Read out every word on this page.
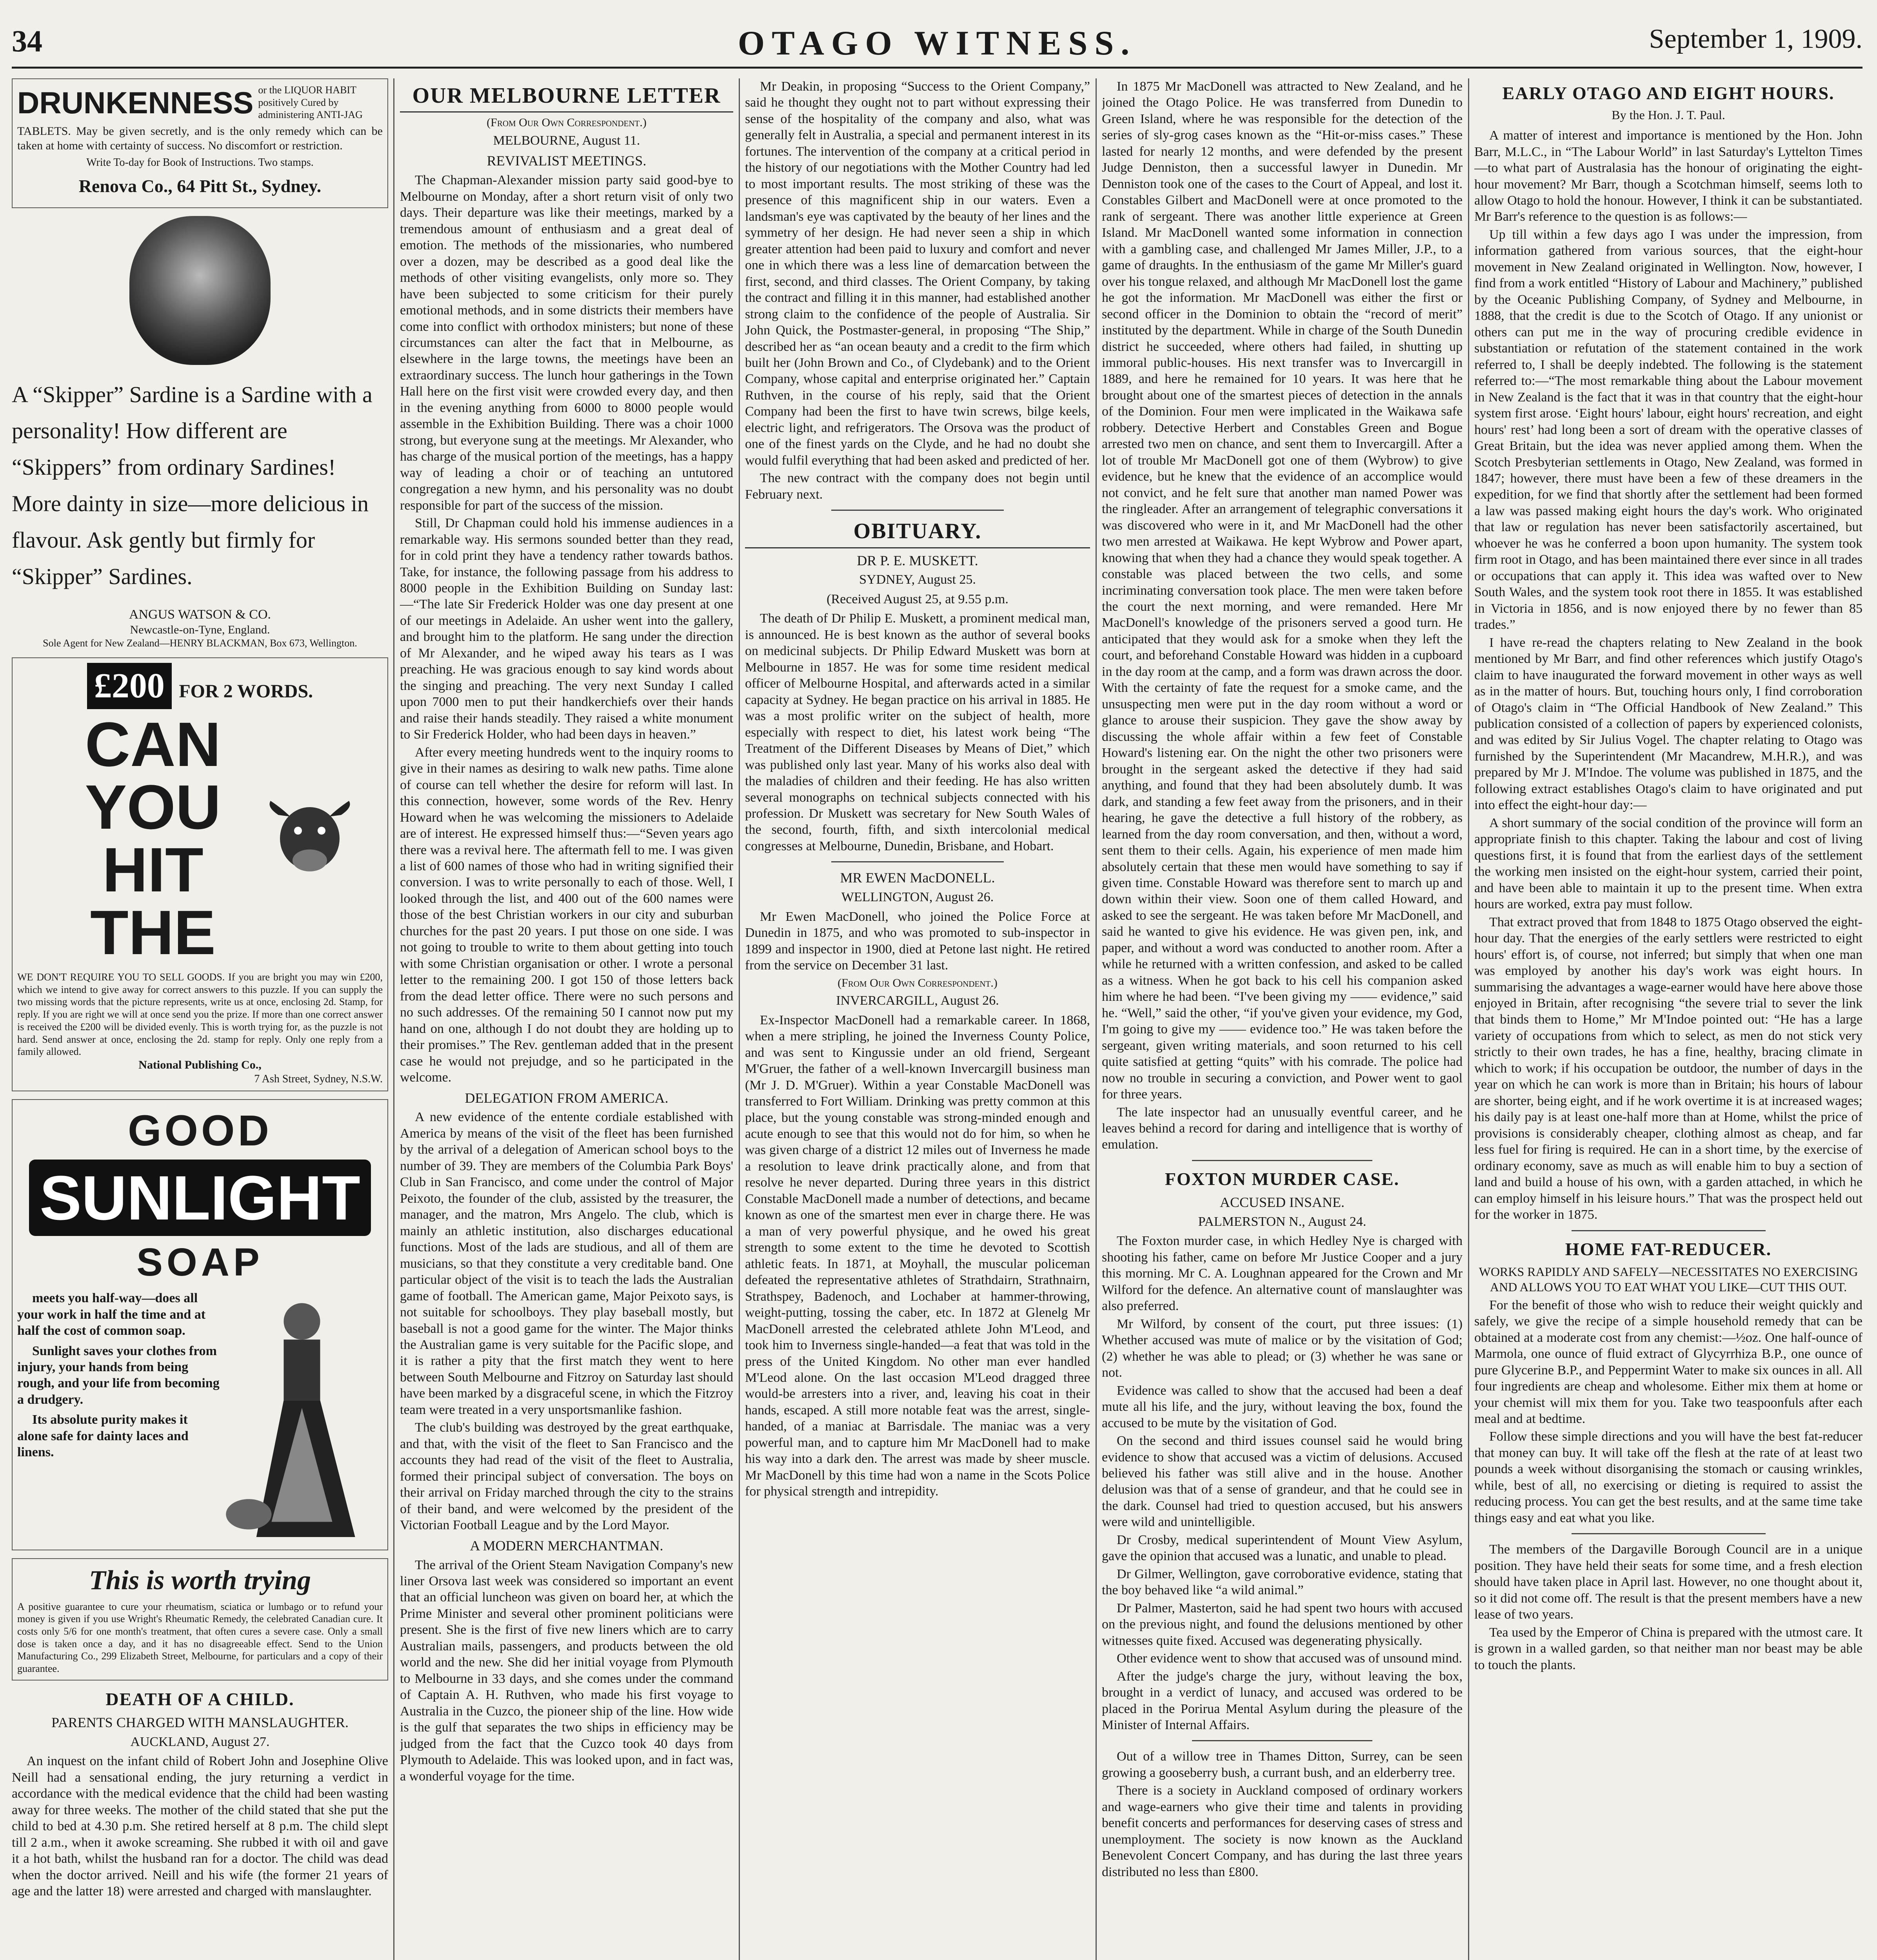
34	OTAGO WITNESS.	September 1, 1909.
DRUNKENNESS or the LIQUOR HABIT positively Cured by administering ANTI-JAG
TABLETS. May be given secretly, and is the only remedy which can be taken at home with certainty of success. No discomfort or restriction.
Write To-day for Book of Instructions. Two stamps.
Renova Co., 64 Pitt St., Sydney.
A “Skipper” Sardine is a Sardine with a personality! How different are “Skippers” from ordinary Sardines! More dainty in size—more delicious in flavour. Ask gently but firmly for “Skipper” Sardines.
ANGUS WATSON & CO.
Newcastle-on-Tyne, England.
Sole Agent for New Zealand—HENRY BLACKMAN, Box 673, Wellington.
£200 FOR 2 WORDS.
CAN YOU HIT THE
WE DON'T REQUIRE YOU TO SELL GOODS. If you are bright you may win £200, which we intend to give away for correct answers to this puzzle. If you can supply the two missing words that the picture represents, write us at once, enclosing 2d. Stamp, for reply. If you are right we will at once send you the prize. If more than one correct answer is received the £200 will be divided evenly. This is worth trying for, as the puzzle is not hard. Send answer at once, enclosing the 2d. stamp for reply. Only one reply from a family allowed.
National Publishing Co.,
7 Ash Street, Sydney, N.S.W.
GOOD
SUNLIGHT
SOAP

meets you half-way—does all your work in half the time and at half the cost of common soap.

Sunlight saves your clothes from injury, your hands from being rough, and your life from becoming a drudgery.

Its absolute purity makes it alone safe for dainty laces and linens.

This is worth trying
A positive guarantee to cure your rheumatism, sciatica or lumbago or to refund your money is given if you use Wright's Rheumatic Remedy, the celebrated Canadian cure. It costs only 5/6 for one month's treatment, that often cures a severe case. Only a small dose is taken once a day, and it has no disagreeable effect. Send to the Union Manufacturing Co., 299 Elizabeth Street, Melbourne, for particulars and a copy of their guarantee.
DEATH OF A CHILD.
PARENTS CHARGED WITH MANSLAUGHTER.
AUCKLAND, August 27.

An inquest on the infant child of Robert John and Josephine Olive Neill had a sensational ending, the jury returning a verdict in accordance with the medical evidence that the child had been wasting away for three weeks. The mother of the child stated that she put the child to bed at 4.30 p.m. She retired herself at 8 p.m. The child slept till 2 a.m., when it awoke screaming. She rubbed it with oil and gave it a hot bath, whilst the husband ran for a doctor. The child was dead when the doctor arrived. Neill and his wife (the former 21 years of age and the latter 18) were arrested and charged with manslaughter.

OUR MELBOURNE LETTER
(From Our Own Correspondent.)
MELBOURNE, August 11.
REVIVALIST MEETINGS.

The Chapman-Alexander mission party said good-bye to Melbourne on Monday, after a short return visit of only two days. Their departure was like their meetings, marked by a tremendous amount of enthusiasm and a great deal of emotion. The methods of the missionaries, who numbered over a dozen, may be described as a good deal like the methods of other visiting evangelists, only more so. They have been subjected to some criticism for their purely emotional methods, and in some districts their members have come into conflict with orthodox ministers; but none of these circumstances can alter the fact that in Melbourne, as elsewhere in the large towns, the meetings have been an extraordinary success. The lunch hour gatherings in the Town Hall here on the first visit were crowded every day, and then in the evening anything from 6000 to 8000 people would assemble in the Exhibition Building. There was a choir 1000 strong, but everyone sung at the meetings. Mr Alexander, who has charge of the musical portion of the meetings, has a happy way of leading a choir or of teaching an untutored congregation a new hymn, and his personality was no doubt responsible for part of the success of the mission.

Still, Dr Chapman could hold his immense audiences in a remarkable way. His sermons sounded better than they read, for in cold print they have a tendency rather towards bathos. Take, for instance, the following passage from his address to 8000 people in the Exhibition Building on Sunday last:—“The late Sir Frederick Holder was one day present at one of our meetings in Adelaide. An usher went into the gallery, and brought him to the platform. He sang under the direction of Mr Alexander, and he wiped away his tears as I was preaching. He was gracious enough to say kind words about the singing and preaching. The very next Sunday I called upon 7000 men to put their handkerchiefs over their hands and raise their hands steadily. They raised a white monument to Sir Frederick Holder, who had been days in heaven.”

After every meeting hundreds went to the inquiry rooms to give in their names as desiring to walk new paths. Time alone of course can tell whether the desire for reform will last. In this connection, however, some words of the Rev. Henry Howard when he was welcoming the missioners to Adelaide are of interest. He expressed himself thus:—“Seven years ago there was a revival here. The aftermath fell to me. I was given a list of 600 names of those who had in writing signified their conversion. I was to write personally to each of those. Well, I looked through the list, and 400 out of the 600 names were those of the best Christian workers in our city and suburban churches for the past 20 years. I put those on one side. I was not going to trouble to write to them about getting into touch with some Christian organisation or other. I wrote a personal letter to the remaining 200. I got 150 of those letters back from the dead letter office. There were no such persons and no such addresses. Of the remaining 50 I cannot now put my hand on one, although I do not doubt they are holding up to their promises.” The Rev. gentleman added that in the present case he would not prejudge, and so he participated in the welcome.

DELEGATION FROM AMERICA.

A new evidence of the entente cordiale established with America by means of the visit of the fleet has been furnished by the arrival of a delegation of American school boys to the number of 39. They are members of the Columbia Park Boys' Club in San Francisco, and come under the control of Major Peixoto, the founder of the club, assisted by the treasurer, the manager, and the matron, Mrs Angelo. The club, which is mainly an athletic institution, also discharges educational functions. Most of the lads are studious, and all of them are musicians, so that they constitute a very creditable band. One particular object of the visit is to teach the lads the Australian game of football. The American game, Major Peixoto says, is not suitable for schoolboys. They play baseball mostly, but baseball is not a good game for the winter. The Major thinks the Australian game is very suitable for the Pacific slope, and it is rather a pity that the first match they went to here between South Melbourne and Fitzroy on Saturday last should have been marked by a disgraceful scene, in which the Fitzroy team were treated in a very unsportsmanlike fashion.

The club's building was destroyed by the great earthquake, and that, with the visit of the fleet to San Francisco and the accounts they had read of the visit of the fleet to Australia, formed their principal subject of conversation. The boys on their arrival on Friday marched through the city to the strains of their band, and were welcomed by the president of the Victorian Football League and by the Lord Mayor.

A MODERN MERCHANTMAN.

The arrival of the Orient Steam Navigation Company's new liner Orsova last week was considered so important an event that an official luncheon was given on board her, at which the Prime Minister and several other prominent politicians were present. She is the first of five new liners which are to carry Australian mails, passengers, and products between the old world and the new. She did her initial voyage from Plymouth to Melbourne in 33 days, and she comes under the command of Captain A. H. Ruthven, who made his first voyage to Australia in the Cuzco, the pioneer ship of the line. How wide is the gulf that separates the two ships in efficiency may be judged from the fact that the Cuzco took 40 days from Plymouth to Adelaide. This was looked upon, and in fact was, a wonderful voyage for the time.

Mr Deakin, in proposing “Success to the Orient Company,” said he thought they ought not to part without expressing their sense of the hospitality of the company and also, what was generally felt in Australia, a special and permanent interest in its fortunes. The intervention of the company at a critical period in the history of our negotiations with the Mother Country had led to most important results. The most striking of these was the presence of this magnificent ship in our waters. Even a landsman's eye was captivated by the beauty of her lines and the symmetry of her design. He had never seen a ship in which greater attention had been paid to luxury and comfort and never one in which there was a less line of demarcation between the first, second, and third classes. The Orient Company, by taking the contract and filling it in this manner, had established another strong claim to the confidence of the people of Australia. Sir John Quick, the Postmaster-general, in proposing “The Ship,” described her as “an ocean beauty and a credit to the firm which built her (John Brown and Co., of Clydebank) and to the Orient Company, whose capital and enterprise originated her.” Captain Ruthven, in the course of his reply, said that the Orient Company had been the first to have twin screws, bilge keels, electric light, and refrigerators. The Orsova was the product of one of the finest yards on the Clyde, and he had no doubt she would fulfil everything that had been asked and predicted of her.

The new contract with the company does not begin until February next.

OBITUARY.
DR P. E. MUSKETT.
SYDNEY, August 25.
(Received August 25, at 9.55 p.m.

The death of Dr Philip E. Muskett, a prominent medical man, is announced. He is best known as the author of several books on medicinal subjects. Dr Philip Edward Muskett was born at Melbourne in 1857. He was for some time resident medical officer of Melbourne Hospital, and afterwards acted in a similar capacity at Sydney. He began practice on his arrival in 1885. He was a most prolific writer on the subject of health, more especially with respect to diet, his latest work being “The Treatment of the Different Diseases by Means of Diet,” which was published only last year. Many of his works also deal with the maladies of children and their feeding. He has also written several monographs on technical subjects connected with his profession. Dr Muskett was secretary for New South Wales of the second, fourth, fifth, and sixth intercolonial medical congresses at Melbourne, Dunedin, Brisbane, and Hobart.

MR EWEN MacDONELL.
WELLINGTON, August 26.

Mr Ewen MacDonell, who joined the Police Force at Dunedin in 1875, and who was promoted to sub-inspector in 1899 and inspector in 1900, died at Petone last night. He retired from the service on December 31 last.

(From Our Own Correspondent.)
INVERCARGILL, August 26.

Ex-Inspector MacDonell had a remarkable career. In 1868, when a mere stripling, he joined the Inverness County Police, and was sent to Kingussie under an old friend, Sergeant M'Gruer, the father of a well-known Invercargill business man (Mr J. D. M'Gruer). Within a year Constable MacDonell was transferred to Fort William. Drinking was pretty common at this place, but the young constable was strong-minded enough and acute enough to see that this would not do for him, so when he was given charge of a district 12 miles out of Inverness he made a resolution to leave drink practically alone, and from that resolve he never departed. During three years in this district Constable MacDonell made a number of detections, and became known as one of the smartest men ever in charge there. He was a man of very powerful physique, and he owed his great strength to some extent to the time he devoted to Scottish athletic feats. In 1871, at Moyhall, the muscular policeman defeated the representative athletes of Strathdairn, Strathnairn, Strathspey, Badenoch, and Lochaber at hammer-throwing, weight-putting, tossing the caber, etc. In 1872 at Glenelg Mr MacDonell arrested the celebrated athlete John M'Leod, and took him to Inverness single-handed—a feat that was told in the press of the United Kingdom. No other man ever handled M'Leod alone. On the last occasion M'Leod dragged three would-be arresters into a river, and, leaving his coat in their hands, escaped. A still more notable feat was the arrest, single-handed, of a maniac at Barrisdale. The maniac was a very powerful man, and to capture him Mr MacDonell had to make his way into a dark den. The arrest was made by sheer muscle. Mr MacDonell by this time had won a name in the Scots Police for physical strength and intrepidity.

In 1875 Mr MacDonell was attracted to New Zealand, and he joined the Otago Police. He was transferred from Dunedin to Green Island, where he was responsible for the detection of the series of sly-grog cases known as the “Hit-or-miss cases.” These lasted for nearly 12 months, and were defended by the present Judge Denniston, then a successful lawyer in Dunedin. Mr Denniston took one of the cases to the Court of Appeal, and lost it. Constables Gilbert and MacDonell were at once promoted to the rank of sergeant. There was another little experience at Green Island. Mr MacDonell wanted some information in connection with a gambling case, and challenged Mr James Miller, J.P., to a game of draughts. In the enthusiasm of the game Mr Miller's guard over his tongue relaxed, and although Mr MacDonell lost the game he got the information. Mr MacDonell was either the first or second officer in the Dominion to obtain the “record of merit” instituted by the department. While in charge of the South Dunedin district he succeeded, where others had failed, in shutting up immoral public-houses. His next transfer was to Invercargill in 1889, and here he remained for 10 years. It was here that he brought about one of the smartest pieces of detection in the annals of the Dominion. Four men were implicated in the Waikawa safe robbery. Detective Herbert and Constables Green and Bogue arrested two men on chance, and sent them to Invercargill. After a lot of trouble Mr MacDonell got one of them (Wybrow) to give evidence, but he knew that the evidence of an accomplice would not convict, and he felt sure that another man named Power was the ringleader. After an arrangement of telegraphic conversations it was discovered who were in it, and Mr MacDonell had the other two men arrested at Waikawa. He kept Wybrow and Power apart, knowing that when they had a chance they would speak together. A constable was placed between the two cells, and some incriminating conversation took place. The men were taken before the court the next morning, and were remanded. Here Mr MacDonell's knowledge of the prisoners served a good turn. He anticipated that they would ask for a smoke when they left the court, and beforehand Constable Howard was hidden in a cupboard in the day room at the camp, and a form was drawn across the door. With the certainty of fate the request for a smoke came, and the unsuspecting men were put in the day room without a word or glance to arouse their suspicion. They gave the show away by discussing the whole affair within a few feet of Constable Howard's listening ear. On the night the other two prisoners were brought in the sergeant asked the detective if they had said anything, and found that they had been absolutely dumb. It was dark, and standing a few feet away from the prisoners, and in their hearing, he gave the detective a full history of the robbery, as learned from the day room conversation, and then, without a word, sent them to their cells. Again, his experience of men made him absolutely certain that these men would have something to say if given time. Constable Howard was therefore sent to march up and down within their view. Soon one of them called Howard, and asked to see the sergeant. He was taken before Mr MacDonell, and said he wanted to give his evidence. He was given pen, ink, and paper, and without a word was conducted to another room. After a while he returned with a written confession, and asked to be called as a witness. When he got back to his cell his companion asked him where he had been. “I've been giving my —— evidence,” said he. “Well,” said the other, “if you've given your evidence, my God, I'm going to give my —— evidence too.” He was taken before the sergeant, given writing materials, and soon returned to his cell quite satisfied at getting “quits” with his comrade. The police had now no trouble in securing a conviction, and Power went to gaol for three years.

The late inspector had an unusually eventful career, and he leaves behind a record for daring and intelligence that is worthy of emulation.

FOXTON MURDER CASE.
ACCUSED INSANE.
PALMERSTON N., August 24.

The Foxton murder case, in which Hedley Nye is charged with shooting his father, came on before Mr Justice Cooper and a jury this morning. Mr C. A. Loughnan appeared for the Crown and Mr Wilford for the defence. An alternative count of manslaughter was also preferred.

Mr Wilford, by consent of the court, put three issues: (1) Whether accused was mute of malice or by the visitation of God; (2) whether he was able to plead; or (3) whether he was sane or not.

Evidence was called to show that the accused had been a deaf mute all his life, and the jury, without leaving the box, found the accused to be mute by the visitation of God.

On the second and third issues counsel said he would bring evidence to show that accused was a victim of delusions. Accused believed his father was still alive and in the house. Another delusion was that of a sense of grandeur, and that he could see in the dark. Counsel had tried to question accused, but his answers were wild and unintelligible.

Dr Crosby, medical superintendent of Mount View Asylum, gave the opinion that accused was a lunatic, and unable to plead.

Dr Gilmer, Wellington, gave corroborative evidence, stating that the boy behaved like “a wild animal.”

Dr Palmer, Masterton, said he had spent two hours with accused on the previous night, and found the delusions mentioned by other witnesses quite fixed. Accused was degenerating physically.

Other evidence went to show that accused was of unsound mind.

After the judge's charge the jury, without leaving the box, brought in a verdict of lunacy, and accused was ordered to be placed in the Porirua Mental Asylum during the pleasure of the Minister of Internal Affairs.

Out of a willow tree in Thames Ditton, Surrey, can be seen growing a gooseberry bush, a currant bush, and an elderberry tree.

There is a society in Auckland composed of ordinary workers and wage-earners who give their time and talents in providing benefit concerts and performances for deserving cases of stress and unemployment. The society is now known as the Auckland Benevolent Concert Company, and has during the last three years distributed no less than £800.

EARLY OTAGO AND EIGHT HOURS.
By the Hon. J. T. Paul.

A matter of interest and importance is mentioned by the Hon. John Barr, M.L.C., in “The Labour World” in last Saturday's Lyttelton Times—to what part of Australasia has the honour of originating the eight-hour movement? Mr Barr, though a Scotchman himself, seems loth to allow Otago to hold the honour. However, I think it can be substantiated. Mr Barr's reference to the question is as follows:—

Up till within a few days ago I was under the impression, from information gathered from various sources, that the eight-hour movement in New Zealand originated in Wellington. Now, however, I find from a work entitled “History of Labour and Machinery,” published by the Oceanic Publishing Company, of Sydney and Melbourne, in 1888, that the credit is due to the Scotch of Otago. If any unionist or others can put me in the way of procuring credible evidence in substantiation or refutation of the statement contained in the work referred to, I shall be deeply indebted. The following is the statement referred to:—“The most remarkable thing about the Labour movement in New Zealand is the fact that it was in that country that the eight-hour system first arose. ‘Eight hours' labour, eight hours' recreation, and eight hours' rest’ had long been a sort of dream with the operative classes of Great Britain, but the idea was never applied among them. When the Scotch Presbyterian settlements in Otago, New Zealand, was formed in 1847; however, there must have been a few of these dreamers in the expedition, for we find that shortly after the settlement had been formed a law was passed making eight hours the day's work. Who originated that law or regulation has never been satisfactorily ascertained, but whoever he was he conferred a boon upon humanity. The system took firm root in Otago, and has been maintained there ever since in all trades or occupations that can apply it. This idea was wafted over to New South Wales, and the system took root there in 1855. It was established in Victoria in 1856, and is now enjoyed there by no fewer than 85 trades.”

I have re-read the chapters relating to New Zealand in the book mentioned by Mr Barr, and find other references which justify Otago's claim to have inaugurated the forward movement in other ways as well as in the matter of hours. But, touching hours only, I find corroboration of Otago's claim in “The Official Handbook of New Zealand.” This publication consisted of a collection of papers by experienced colonists, and was edited by Sir Julius Vogel. The chapter relating to Otago was furnished by the Superintendent (Mr Macandrew, M.H.R.), and was prepared by Mr J. M'Indoe. The volume was published in 1875, and the following extract establishes Otago's claim to have originated and put into effect the eight-hour day:—

A short summary of the social condition of the province will form an appropriate finish to this chapter. Taking the labour and cost of living questions first, it is found that from the earliest days of the settlement the working men insisted on the eight-hour system, carried their point, and have been able to maintain it up to the present time. When extra hours are worked, extra pay must follow.

That extract proved that from 1848 to 1875 Otago observed the eight-hour day. That the energies of the early settlers were restricted to eight hours' effort is, of course, not inferred; but simply that when one man was employed by another his day's work was eight hours. In summarising the advantages a wage-earner would have here above those enjoyed in Britain, after recognising “the severe trial to sever the link that binds them to Home,” Mr M'Indoe pointed out: “He has a large variety of occupations from which to select, as men do not stick very strictly to their own trades, he has a fine, healthy, bracing climate in which to work; if his occupation be outdoor, the number of days in the year on which he can work is more than in Britain; his hours of labour are shorter, being eight, and if he work overtime it is at increased wages; his daily pay is at least one-half more than at Home, whilst the price of provisions is considerably cheaper, clothing almost as cheap, and far less fuel for firing is required. He can in a short time, by the exercise of ordinary economy, save as much as will enable him to buy a section of land and build a house of his own, with a garden attached, in which he can employ himself in his leisure hours.” That was the prospect held out for the worker in 1875.

HOME FAT-REDUCER.
WORKS RAPIDLY AND SAFELY—NECESSITATES NO EXERCISING AND ALLOWS YOU TO EAT WHAT YOU LIKE—CUT THIS OUT.

For the benefit of those who wish to reduce their weight quickly and safely, we give the recipe of a simple household remedy that can be obtained at a moderate cost from any chemist:—½oz. One half-ounce of Marmola, one ounce of fluid extract of Glycyrrhiza B.P., one ounce of pure Glycerine B.P., and Peppermint Water to make six ounces in all. All four ingredients are cheap and wholesome. Either mix them at home or your chemist will mix them for you. Take two teaspoonfuls after each meal and at bedtime.

Follow these simple directions and you will have the best fat-reducer that money can buy. It will take off the flesh at the rate of at least two pounds a week without disorganising the stomach or causing wrinkles, while, best of all, no exercising or dieting is required to assist the reducing process. You can get the best results, and at the same time take things easy and eat what you like.

The members of the Dargaville Borough Council are in a unique position. They have held their seats for some time, and a fresh election should have taken place in April last. However, no one thought about it, so it did not come off. The result is that the present members have a new lease of two years.

Tea used by the Emperor of China is prepared with the utmost care. It is grown in a walled garden, so that neither man nor beast may be able to touch the plants.
